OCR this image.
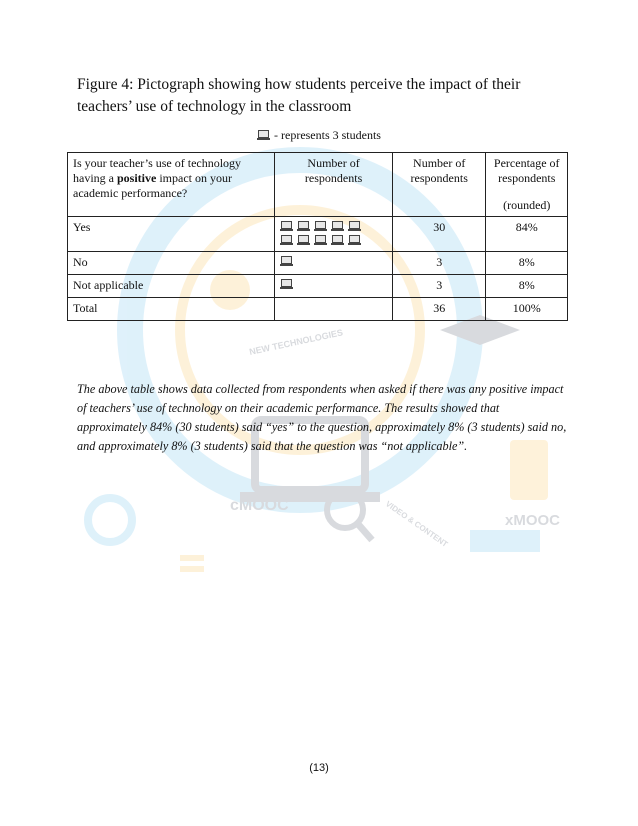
cMOOC
xMOOC
NEW TECHNOLOGIES
VIDEO & CONTENT
Figure 4: Pictograph showing how students perceive the impact of their teachers’ use of technology in the classroom
- represents 3 students
Is your teacher’s use of technology having a positive impact on your academic performance?	Number of respondents	Number of respondents	Percentage of respondents
(rounded)

Yes		30	84%
No		3	8%
Not applicable		3	8%
Total		36	100%
The above table shows data collected from respondents when asked if there was any positive impact of teachers’ use of technology on their academic performance. The results showed that approximately 84% (30 students) said “yes” to the question, approximately 8% (3 students) said no, and approximately 8% (3 students) said that the question was “not applicable”.
(13)
